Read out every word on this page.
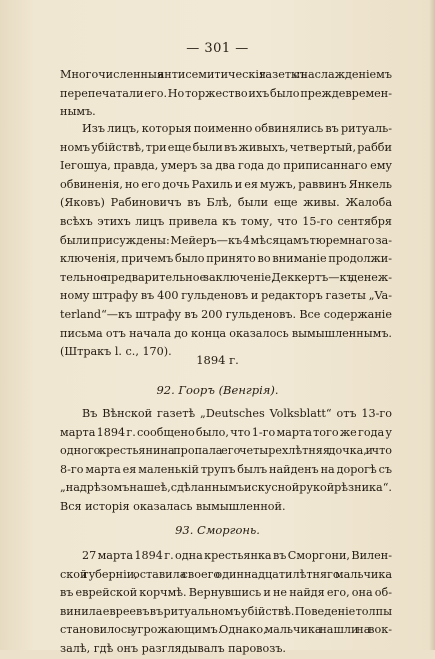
— 301 —
Многочисленныя антисемитическія газеты съ наслажденіемъ
перепечатали его. Но торжество ихъ было преждевремен-
нымъ.
Изъ лицъ, которыя поименно обвинялись въ ритуаль-
номъ убійствѣ, три еще были въ живыхъ, четвертый, рабби
Іегошуа, правда, умеръ за два года до приписаннаго ему
обвиненія, но его дочь Рахиль и ея мужъ, раввинъ Янкель
(Яковъ) Рабиновичъ въ Блѣ, были еще живы. Жалоба
всѣхъ этихъ лицъ привела къ тому, что 15-го сентября
были присуждены: Мейеръ—къ 4 мѣсяцамъ тюремнаго за-
ключенія, причемъ было принято во вниманіе продолжи-
тельное предварительное заключеніе, Деккертъ—къ денеж-
ному штрафу въ 400 гульденовъ и редакторъ газеты „Va-
terland“—къ штрафу въ 200 гульденовъ. Все содержаніе
письма отъ начала до конца оказалось вымышленнымъ.
(Штракъ l. c., 170).
1894 г.
92. Гооръ (Венгрія).
Въ Вѣнской газетѣ „Deutsches Volksblatt“ отъ 13-го
марта 1894 г. сообщено было, что 1-го марта того же года у
одного крестьянина пропала его четырехлѣтняя дочка, и что
8-го марта ея маленькій трупъ былъ найденъ на дорогѣ съ
„надрѣзомъ на шеѣ, сдѣланнымъ искусной рукой рѣзника“.
Вся исторія оказалась вымышленной.
93. Сморгонь.
27 марта 1894 г. одна крестьянка въ Сморгони, Вилен-
ской губерніи, оставила своего одиннадцатилѣтняго мальчика
въ еврейской корчмѣ. Вернувшись и не найдя его, она об-
винила евреевъ въ ритуальномъ убійствѣ. Поведеніе толпы
становилось угрожающимъ. Однако, мальчика нашли на вок-
залѣ, гдѣ онъ разглядывалъ паровозъ.
